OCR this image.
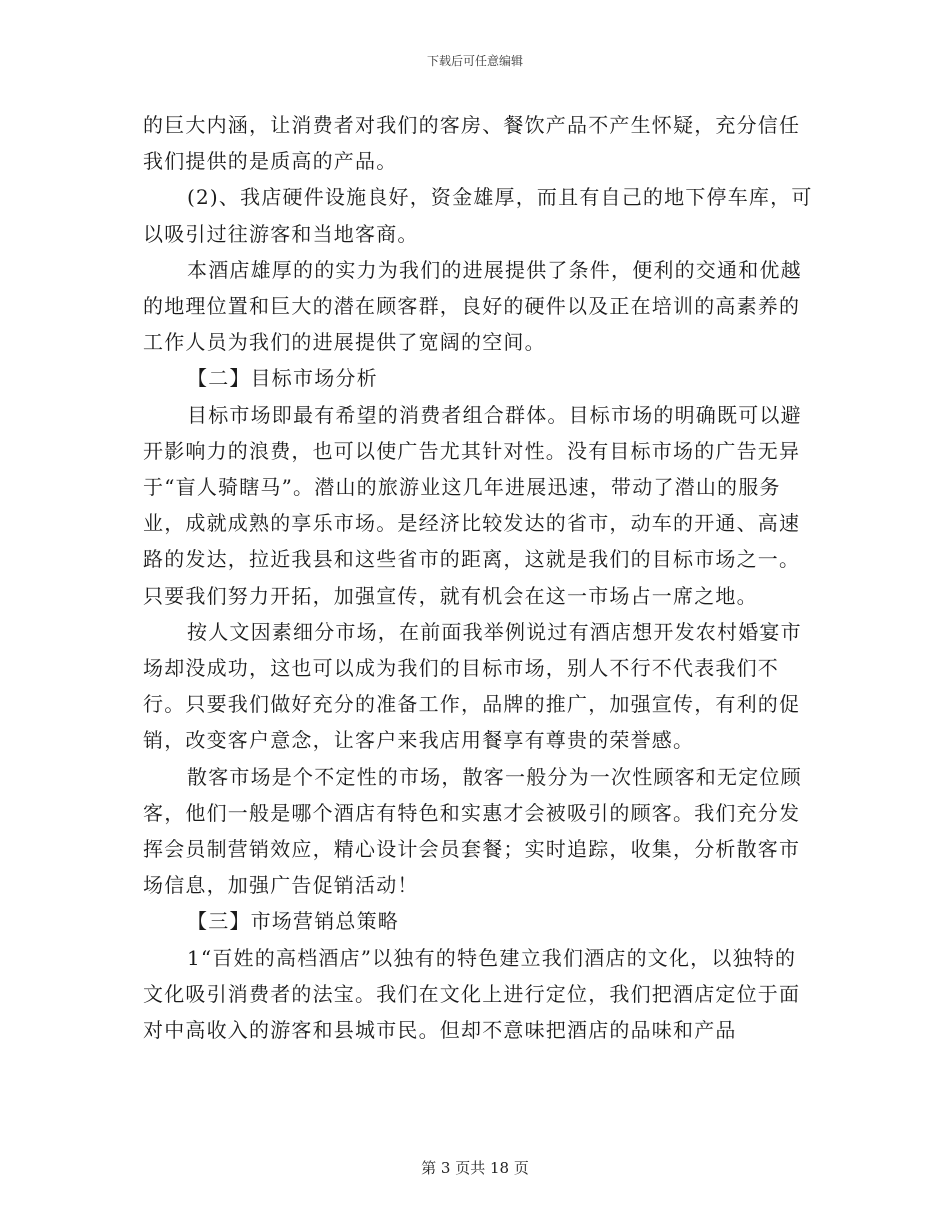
下载后可任意编辑

的巨大内涵，让消费者对我们的客房、餐饮产品不产生怀疑，充分信任我们提供的是质高的产品。

(2)、我店硬件设施良好，资金雄厚，而且有自己的地下停车库，可以吸引过往游客和当地客商。

本酒店雄厚的的实力为我们的进展提供了条件，便利的交通和优越的地理位置和巨大的潜在顾客群，良好的硬件以及正在培训的高素养的工作人员为我们的进展提供了宽阔的空间。

【二】目标市场分析

目标市场即最有希望的消费者组合群体。目标市场的明确既可以避开影响力的浪费，也可以使广告尤其针对性。没有目标市场的广告无异于“盲人骑瞎马”。潜山的旅游业这几年进展迅速，带动了潜山的服务业，成就成熟的享乐市场。是经济比较发达的省市，动车的开通、高速路的发达，拉近我县和这些省市的距离，这就是我们的目标市场之一。只要我们努力开拓，加强宣传，就有机会在这一市场占一席之地。

按人文因素细分市场，在前面我举例说过有酒店想开发农村婚宴市场却没成功，这也可以成为我们的目标市场，别人不行不代表我们不行。只要我们做好充分的准备工作，品牌的推广，加强宣传，有利的促销，改变客户意念，让客户来我店用餐享有尊贵的荣誉感。

散客市场是个不定性的市场，散客一般分为一次性顾客和无定位顾客，他们一般是哪个酒店有特色和实惠才会被吸引的顾客。我们充分发挥会员制营销效应，精心设计会员套餐；实时追踪，收集，分析散客市场信息，加强广告促销活动！

【三】市场营销总策略

1“百姓的高档酒店”以独有的特色建立我们酒店的文化，以独特的文化吸引消费者的法宝。我们在文化上进行定位，我们把酒店定位于面对中高收入的游客和县城市民。但却不意味把酒店的品味和产品

第 3 页共 18 页
